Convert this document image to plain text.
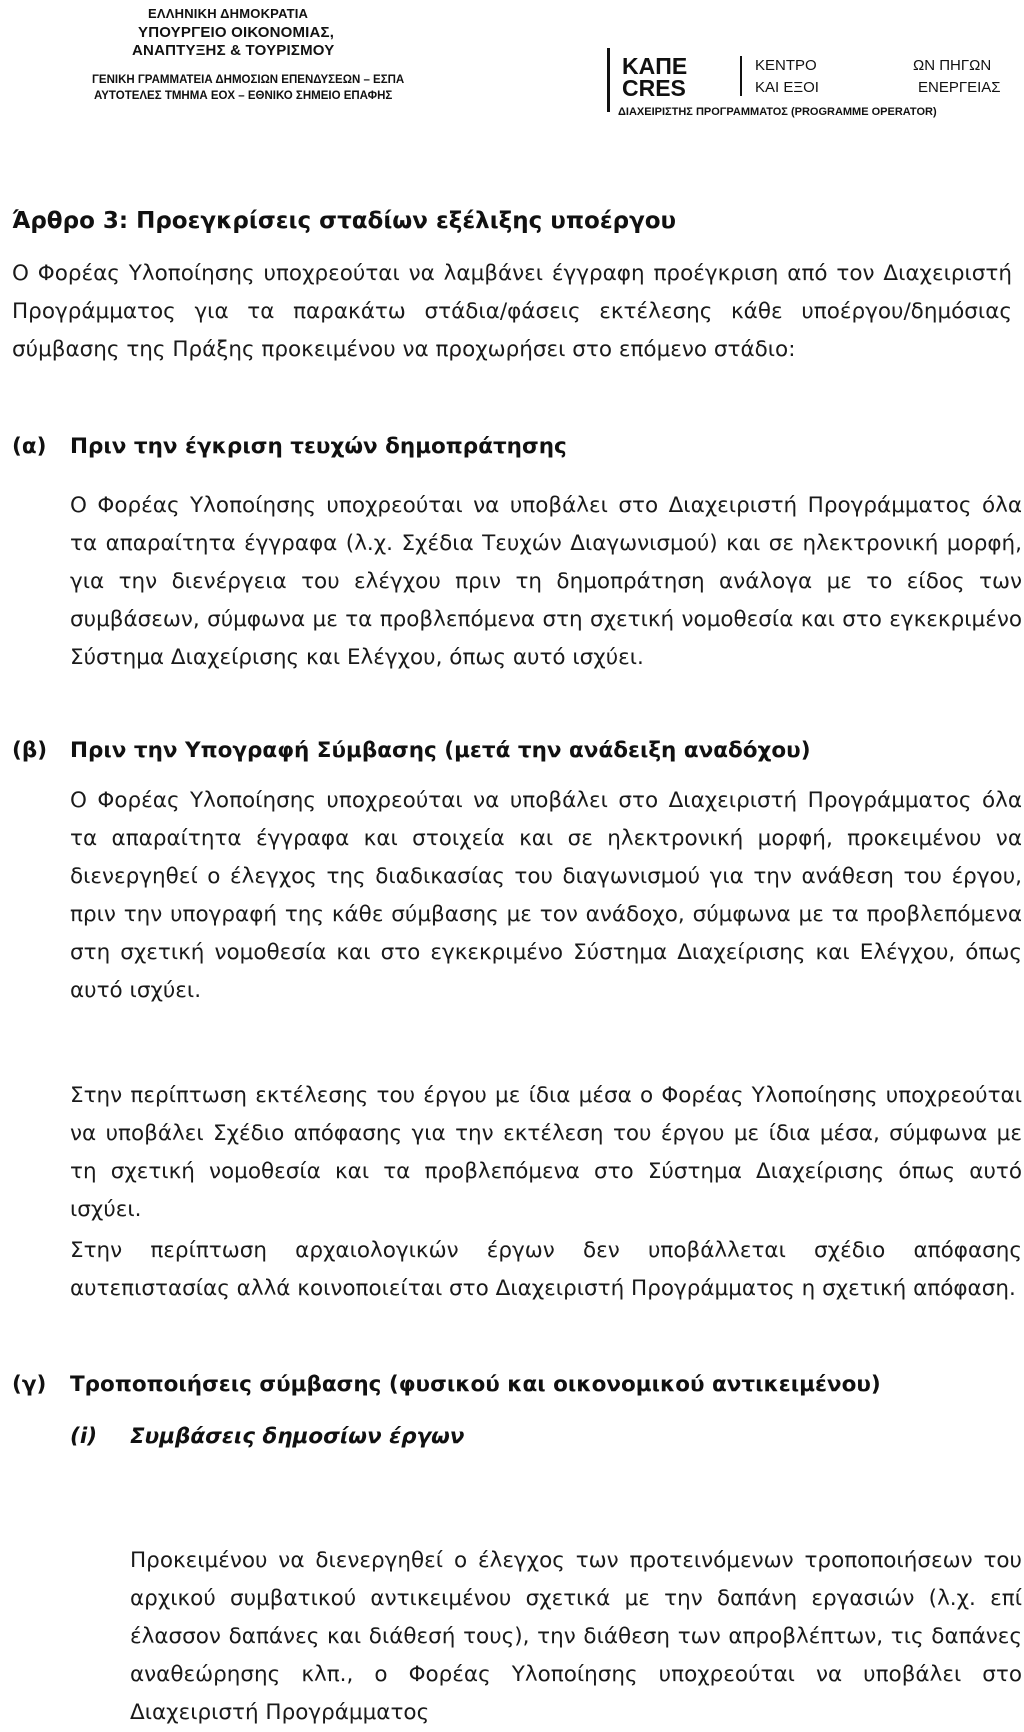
ΕΛΛΗΝΙΚΗ ΔΗΜΟΚΡΑΤΙΑ
ΥΠΟΥΡΓΕΙΟ ΟΙΚΟΝΟΜΙΑΣ,
ΑΝΑΠΤΥΞΗΣ & ΤΟΥΡΙΣΜΟΥ
ΓΕΝΙΚΗ ΓΡΑΜΜΑΤΕΙΑ ΔΗΜΟΣΙΩΝ ΕΠΕΝΔΥΣΕΩΝ – ΕΣΠΑ
ΑΥΤΟΤΕΛΕΣ ΤΜΗΜΑ ΕΟΧ – ΕΘΝΙΚΟ ΣΗΜΕΙΟ ΕΠΑΦΗΣ
ΚΑΠΕ
CRES
ΚΕΝΤΡΟ	ΩΝ ΠΗΓΩΝ
ΚΑΙ ΕΞΟΙ	ΕΝΕΡΓΕΙΑΣ
ΔΙΑΧΕΙΡΙΣΤΗΣ ΠΡΟΓΡΑΜΜΑΤΟΣ (PROGRAMME OPERATOR)
Άρθρο 3: Προεγκρίσεις σταδίων εξέλιξης υποέργου
Ο Φορέας Υλοποίησης υποχρεούται να λαμβάνει έγγραφη προέγκριση από τον Διαχειριστή Προγράμματος για τα παρακάτω στάδια/φάσεις εκτέλεσης κάθε υποέργου/δημόσιας σύμβασης της Πράξης προκειμένου να προχωρήσει στο επόμενο στάδιο:
(α) Πριν την έγκριση τευχών δημοπράτησης
Ο Φορέας Υλοποίησης υποχρεούται να υποβάλει στο Διαχειριστή Προγράμματος όλα τα απαραίτητα έγγραφα (λ.χ. Σχέδια Τευχών Διαγωνισμού) και σε ηλεκτρονική μορφή, για την διενέργεια του ελέγχου πριν τη δημοπράτηση ανάλογα με το είδος των συμβάσεων, σύμφωνα με τα προβλεπόμενα στη σχετική νομοθεσία και στο εγκεκριμένο Σύστημα Διαχείρισης και Ελέγχου, όπως αυτό ισχύει.
(β) Πριν την Υπογραφή Σύμβασης (μετά την ανάδειξη αναδόχου)
Ο Φορέας Υλοποίησης υποχρεούται να υποβάλει στο Διαχειριστή Προγράμματος όλα τα απαραίτητα έγγραφα και στοιχεία και σε ηλεκτρονική μορφή, προκειμένου να διενεργηθεί ο έλεγχος της διαδικασίας του διαγωνισμού για την ανάθεση του έργου, πριν την υπογραφή της κάθε σύμβασης με τον ανάδοχο, σύμφωνα με τα προβλεπόμενα στη σχετική νομοθεσία και στο εγκεκριμένο Σύστημα Διαχείρισης και Ελέγχου, όπως αυτό ισχύει.
Στην περίπτωση εκτέλεσης του έργου με ίδια μέσα ο Φορέας Υλοποίησης υποχρεούται να υποβάλει Σχέδιο απόφασης για την εκτέλεση του έργου με ίδια μέσα, σύμφωνα με τη σχετική νομοθεσία και τα προβλεπόμενα στο Σύστημα Διαχείρισης όπως αυτό ισχύει.
Στην περίπτωση αρχαιολογικών έργων δεν υποβάλλεται σχέδιο απόφασης αυτεπιστασίας αλλά κοινοποιείται στο Διαχειριστή Προγράμματος η σχετική απόφαση.
(γ) Τροποποιήσεις σύμβασης (φυσικού και οικονομικού αντικειμένου)
(i) Συμβάσεις δημοσίων έργων
Προκειμένου να διενεργηθεί ο έλεγχος των προτεινόμενων τροποποιήσεων του αρχικού συμβατικού αντικειμένου σχετικά με την δαπάνη εργασιών (λ.χ. επί έλασσον δαπάνες και διάθεσή τους), την διάθεση των απροβλέπτων, τις δαπάνες αναθεώρησης κλπ., ο Φορέας Υλοποίησης υποχρεούται να υποβάλει στο Διαχειριστή Προγράμματος
